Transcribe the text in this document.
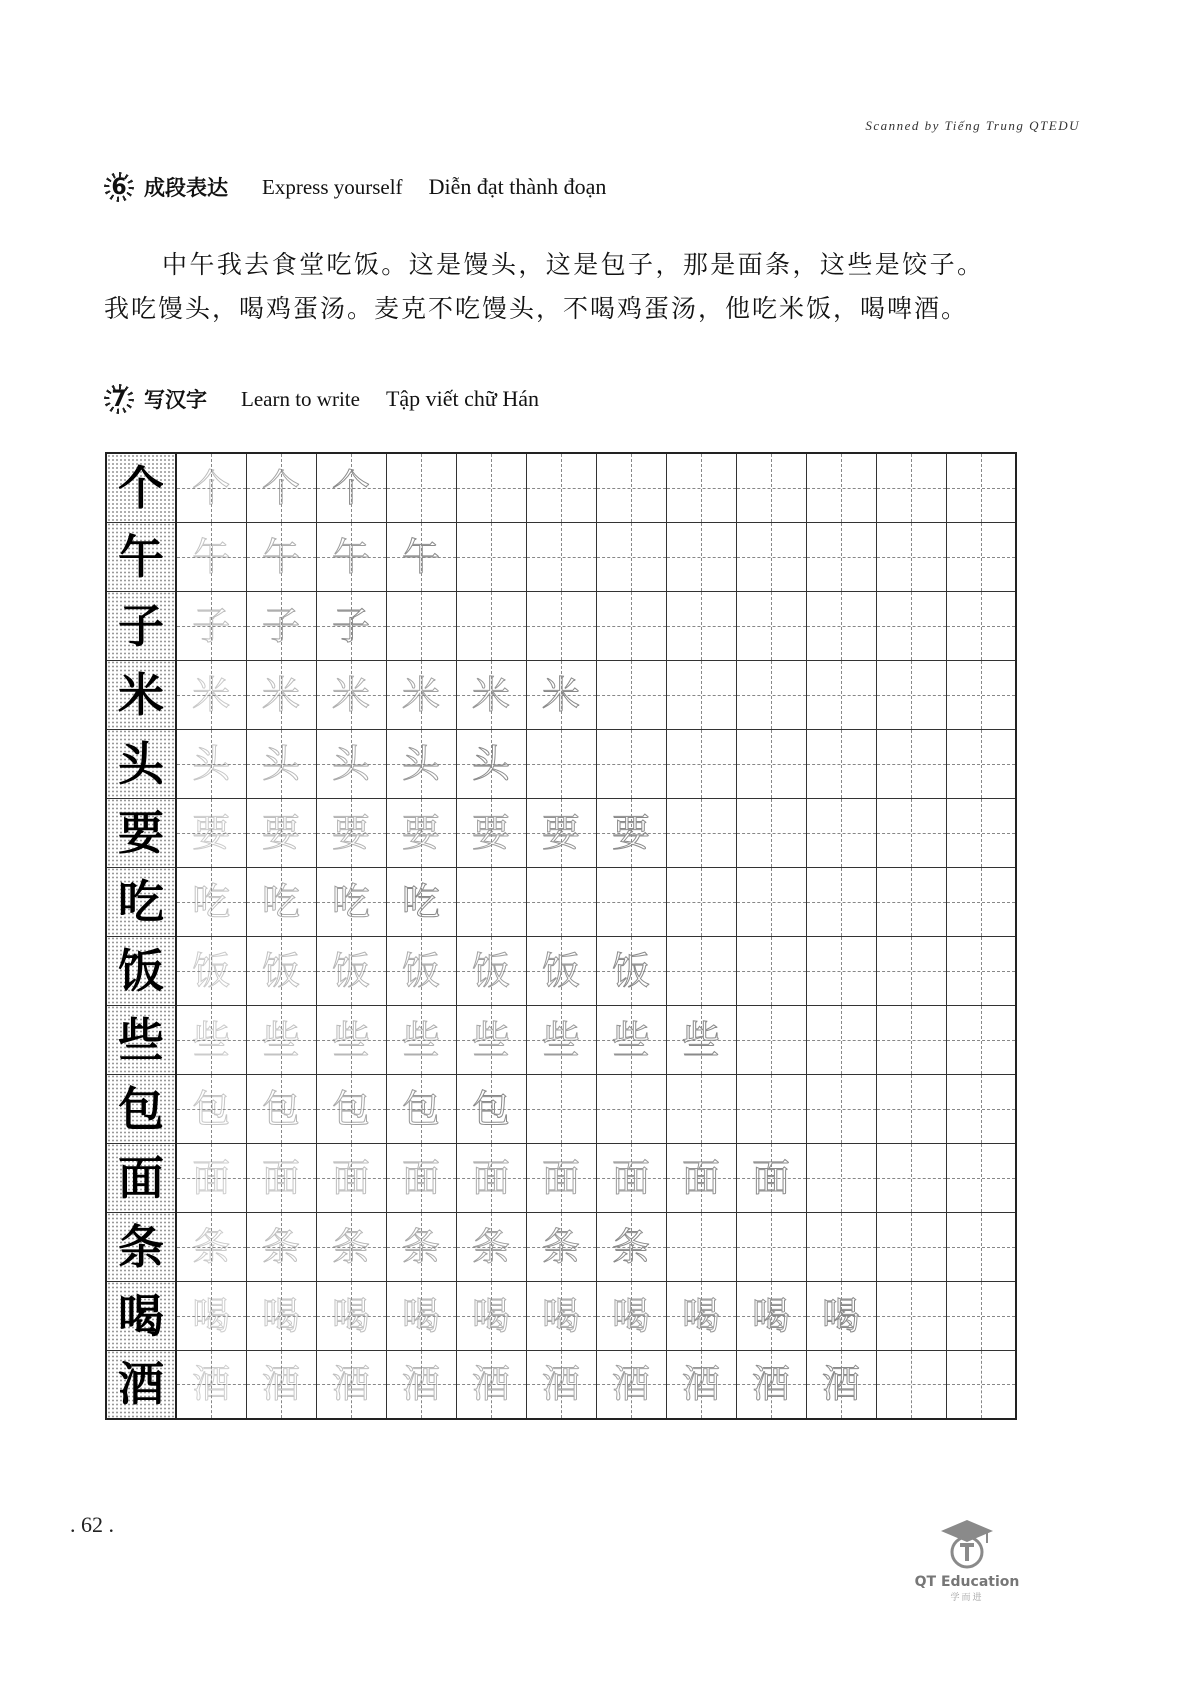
Scanned by Tiếng Trung QTEDU
6 成段表达 Express yourself Diễn đạt thành đoạn

中午我去食堂吃饭。这是馒头，这是包子，那是面条，这些是饺子。我吃馒头，喝鸡蛋汤。麦克不吃馒头，不喝鸡蛋汤，他吃米饭，喝啤酒。

7 写汉字 Learn to write Tập viết chữ Hán
个	个	个	个									
午	午	午	午	午								
子	子	子	子									
米	米	米	米	米	米	米						
头	头	头	头	头	头							
要	要	要	要	要	要	要	要					
吃	吃	吃	吃	吃								
饭	饭	饭	饭	饭	饭	饭	饭					
些	些	些	些	些	些	些	些	些				
包	包	包	包	包	包							
面	面	面	面	面	面	面	面	面	面			
条	条	条	条	条	条	条	条					
喝	喝	喝	喝	喝	喝	喝	喝	喝	喝	喝		
酒	酒	酒	酒	酒	酒	酒	酒	酒	酒	酒		
. 62 .
QT Education
学而进
